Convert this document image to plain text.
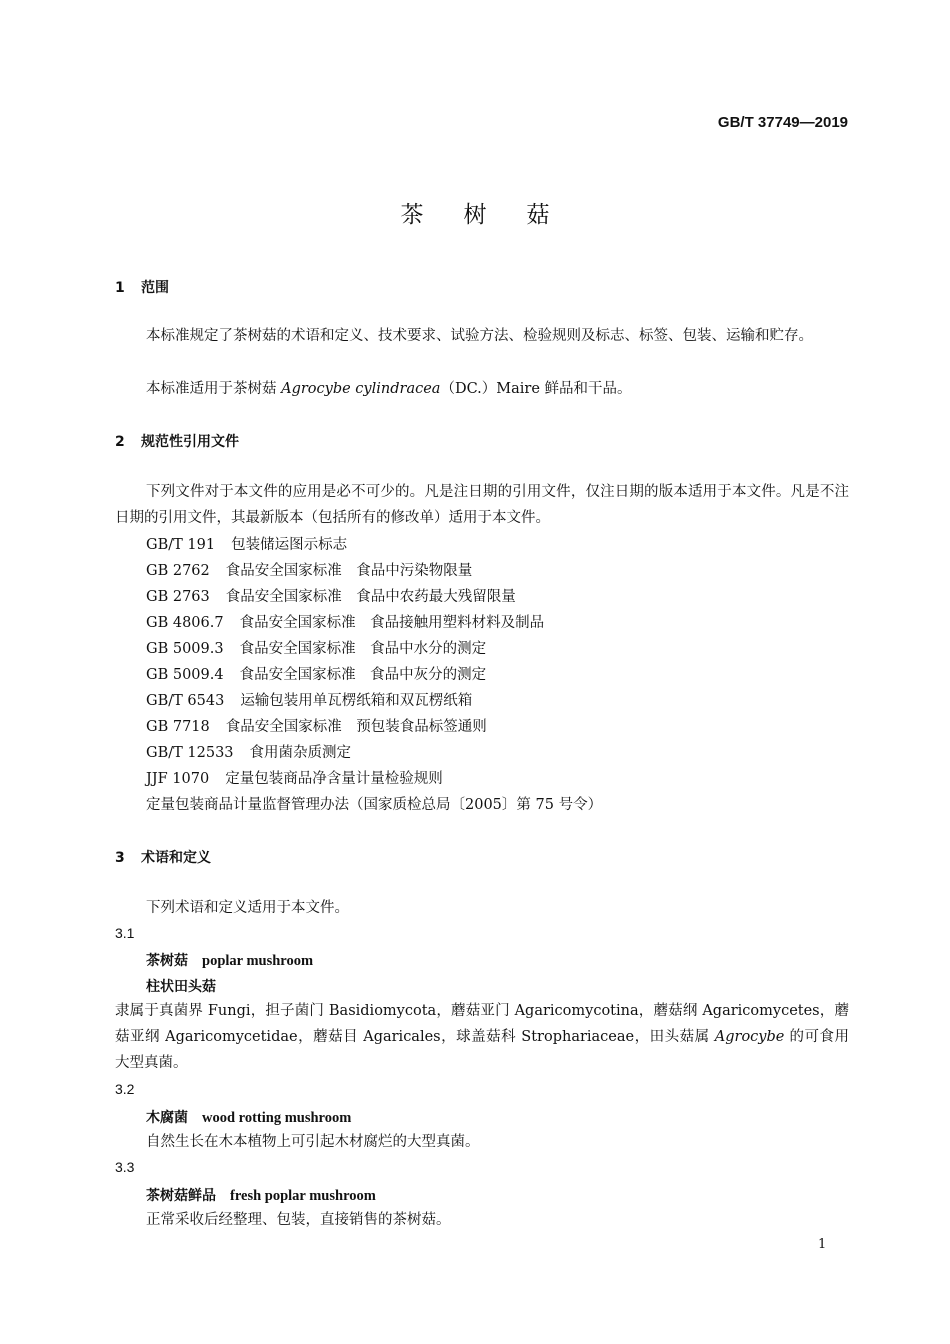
GB/T 37749—2019
茶树菇
1 范围
本标准规定了茶树菇的术语和定义、技术要求、试验方法、检验规则及标志、标签、包装、运输和贮存。
本标准适用于茶树菇 Agrocybe cylindracea（DC.）Maire 鲜品和干品。
2 规范性引用文件
下列文件对于本文件的应用是必不可少的。凡是注日期的引用文件，仅注日期的版本适用于本文件。凡是不注日期的引用文件，其最新版本（包括所有的修改单）适用于本文件。
GB/T 191 包装储运图示标志
GB 2762 食品安全国家标准　食品中污染物限量
GB 2763 食品安全国家标准　食品中农药最大残留限量
GB 4806.7 食品安全国家标准　食品接触用塑料材料及制品
GB 5009.3 食品安全国家标准　食品中水分的测定
GB 5009.4 食品安全国家标准　食品中灰分的测定
GB/T 6543 运输包装用单瓦楞纸箱和双瓦楞纸箱
GB 7718 食品安全国家标准　预包装食品标签通则
GB/T 12533 食用菌杂质测定
JJF 1070 定量包装商品净含量计量检验规则
定量包装商品计量监督管理办法（国家质检总局〔2005〕第 75 号令）
3 术语和定义
下列术语和定义适用于本文件。
3.1
茶树菇 poplar mushroom
柱状田头菇
隶属于真菌界 Fungi，担子菌门 Basidiomycota，蘑菇亚门 Agaricomycotina，蘑菇纲 Agaricomycetes，蘑菇亚纲 Agaricomycetidae，蘑菇目 Agaricales，球盖菇科 Strophariaceae，田头菇属 Agrocybe 的可食用大型真菌。
3.2
木腐菌 wood rotting mushroom
自然生长在木本植物上可引起木材腐烂的大型真菌。
3.3
茶树菇鲜品 fresh poplar mushroom
正常采收后经整理、包装，直接销售的茶树菇。
1
